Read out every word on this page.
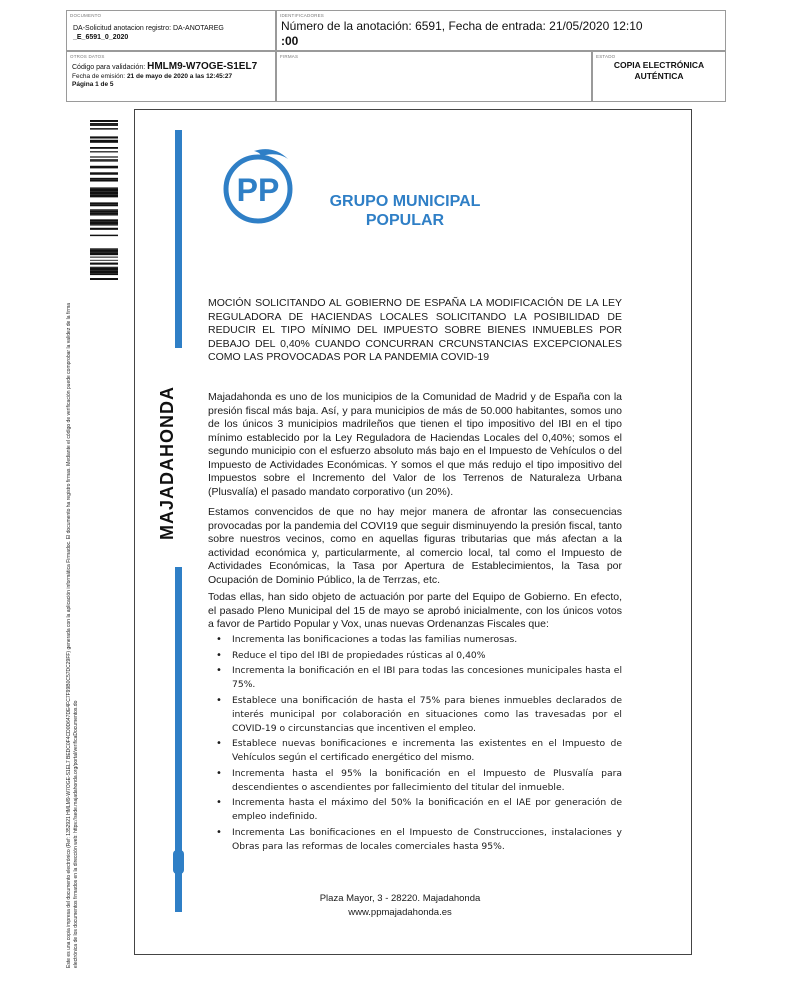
DOCUMENTO
DA-Solicitud anotacion registro: DA-ANOTAREG
_E_6591_0_2020
IDENTIFICADORES
Número de la anotación: 6591, Fecha de entrada: 21/05/2020 12:10
:00
OTROS DATOS
Código para validación: HMLM9-W7OGE-S1EL7
Fecha de emisión: 21 de mayo de 2020 a las 12:45:27
Página 1 de 5
FIRMAS	ESTADO
COPIA ELECTRÓNICA
AUTÉNTICA
Este es una copia impresa del documento electrónico (Ref: 1352921 HMLM9-W7OGE-S1EL7 BEDC0F4CD0D647DE4FC7F99B0C57DC29FF) generada con la aplicación informática Firmadoc. El documento ha registro firmas. Mediante el código de verificación puede comprobar la validez de la firma electrónica de los documentos firmados en la dirección web: https://sede.majadahonda.org/portal/verificaDocumentos.do
MAJADAHONDA
PP	GRUPO MUNICIPAL
POPULAR
MOCIÓN SOLICITANDO AL GOBIERNO DE ESPAÑA LA MODIFICACIÓN DE LA LEY REGULADORA DE HACIENDAS LOCALES SOLICITANDO LA POSIBILIDAD DE REDUCIR EL TIPO MÍNIMO DEL IMPUESTO SOBRE BIENES INMUEBLES POR DEBAJO DEL 0,40% CUANDO CONCURRAN CRCUNSTANCIAS EXCEPCIONALES COMO LAS PROVOCADAS POR LA PANDEMIA COVID-19
Majadahonda es uno de los municipios de la Comunidad de Madrid y de España con la presión fiscal más baja. Así, y para municipios de más de 50.000 habitantes, somos uno de los únicos 3 municipios madrileños que tienen el tipo impositivo del IBI en el tipo mínimo establecido por la Ley Reguladora de Haciendas Locales del 0,40%; somos el segundo municipio con el esfuerzo absoluto más bajo en el Impuesto de Vehículos o del Impuesto de Actividades Económicas. Y somos el que más redujo el tipo impositivo del Impuestos sobre el Incremento del Valor de los Terrenos de Naturaleza Urbana (Plusvalía) el pasado mandato corporativo (un 20%).
Estamos convencidos de que no hay mejor manera de afrontar las consecuencias provocadas por la pandemia del COVI19 que seguir disminuyendo la presión fiscal, tanto sobre nuestros vecinos, como en aquellas figuras tributarias que más afectan a la actividad económica y, particularmente, al comercio local, tal como el Impuesto de Actividades Económicas, la Tasa por Apertura de Establecimientos, la Tasa por Ocupación de Dominio Público, la de Terrzas, etc.
Todas ellas, han sido objeto de actuación por parte del Equipo de Gobierno. En efecto, el pasado Pleno Municipal del 15 de mayo se aprobó inicialmente, con los únicos votos a favor de Partido Popular y Vox, unas nuevas Ordenanzas Fiscales que:
• Incrementa las bonificaciones a todas las familias numerosas.
• Reduce el tipo del IBI de propiedades rústicas al 0,40%
• Incrementa la bonificación en el IBI para todas las concesiones municipales hasta el 75%.
• Establece una bonificación de hasta el 75% para bienes inmuebles declarados de interés municipal por colaboración en situaciones como las travesadas por el COVID-19 o circunstancias que incentiven el empleo.
• Establece nuevas bonificaciones e incrementa las existentes en el Impuesto de Vehículos según el certificado energético del mismo.
• Incrementa hasta el 95% la bonificación en el Impuesto de Plusvalía para descendientes o ascendientes por fallecimiento del titular del inmueble.
• Incrementa hasta el máximo del 50% la bonificación en el IAE por generación de empleo indefinido.
• Incrementa Las bonificaciones en el Impuesto de Construcciones, instalaciones y Obras para las reformas de locales comerciales hasta 95%.
Plaza Mayor, 3 - 28220. Majadahonda
www.ppmajadahonda.es
